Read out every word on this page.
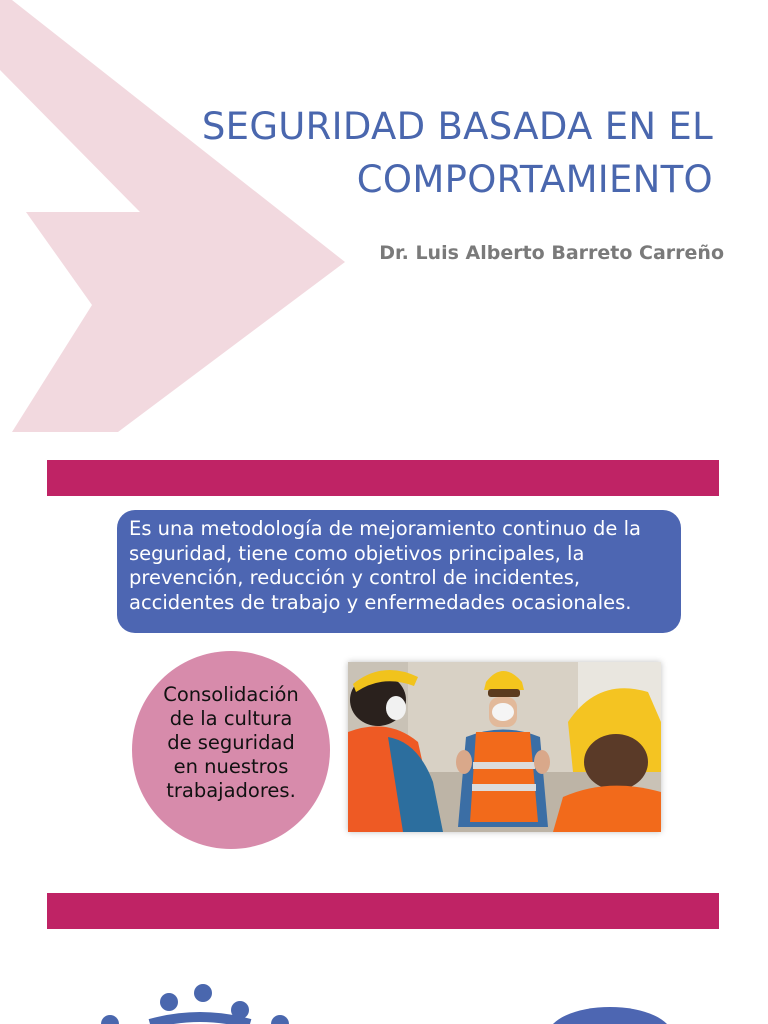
SEGURIDAD BASADA EN EL
COMPORTAMIENTO
Dr. Luis Alberto Barreto Carreño
Es una metodología de mejoramiento continuo de la seguridad, tiene como objetivos principales, la prevención, reducción y control de incidentes, accidentes de trabajo y enfermedades ocasionales.
Consolidación de la cultura de seguridad en nuestros trabajadores.
